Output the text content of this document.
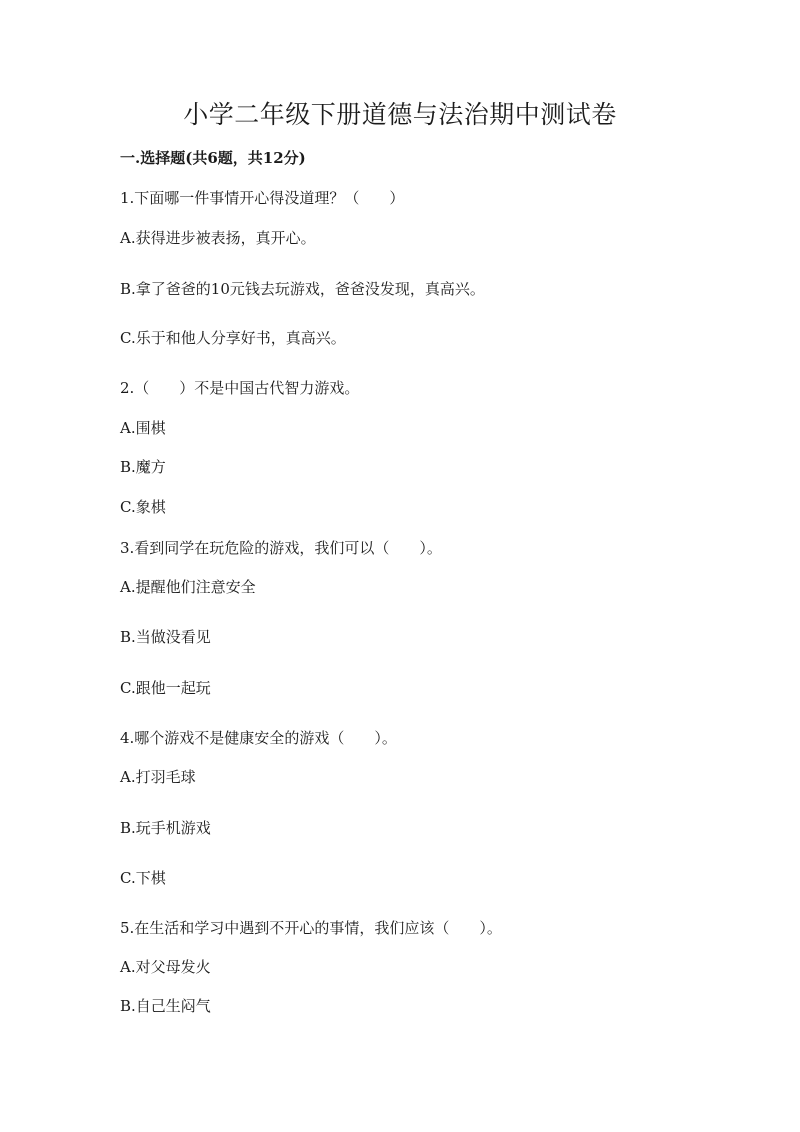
小学二年级下册道德与法治期中测试卷
一.选择题(共6题，共12分)
1.下面哪一件事情开心得没道理？（　　）
A.获得进步被表扬，真开心。
B.拿了爸爸的10元钱去玩游戏，爸爸没发现，真高兴。
C.乐于和他人分享好书，真高兴。
2.（　　）不是中国古代智力游戏。
A.围棋
B.魔方
C.象棋
3.看到同学在玩危险的游戏，我们可以（　　）。
A.提醒他们注意安全
B.当做没看见
C.跟他一起玩
4.哪个游戏不是健康安全的游戏（　　）。
A.打羽毛球
B.玩手机游戏
C.下棋
5.在生活和学习中遇到不开心的事情，我们应该（　　）。
A.对父母发火
B.自己生闷气
